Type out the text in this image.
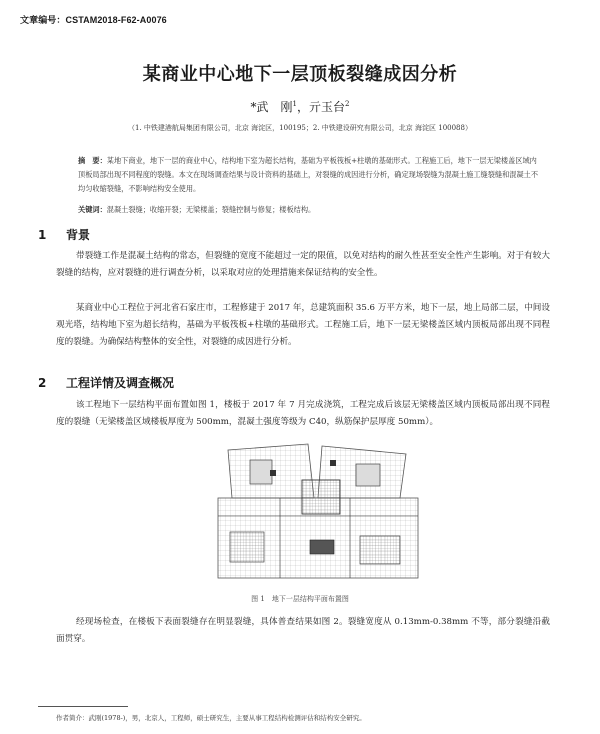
文章编号：CSTAM2018-F62-A0076
某商业中心地下一层顶板裂缝成因分析
*武　刚$^1$，亓玉台$^2$
（1. 中铁建港航局集团有限公司，北京 海淀区，100195；2. 中铁建设研究有限公司，北京 海淀区 100088）

摘　要：某地下商业，地下一层的商业中心，结构地下室为超长结构，基础为平板筏板+柱墩的基础形式。工程施工后，地下一层无梁楼盖区域内顶板局部出现不同程度的裂缝。本文在现场调查结果与设计资料的基础上，对裂缝的成因进行分析，确定现场裂缝为混凝土施工缝裂缝和混凝土不均匀收缩裂缝，不影响结构安全使用。

关键词：混凝土裂缝；收缩开裂；无梁楼盖；裂缝控制与修复；楼板结构。
1 背景

带裂缝工作是混凝土结构的常态，但裂缝的宽度不能超过一定的限值，以免对结构的耐久性甚至安全性产生影响。对于有较大裂缝的结构，应对裂缝的进行调查分析，以采取对应的处理措施来保证结构的安全性。

某商业中心工程位于河北省石家庄市，工程修建于 2017 年，总建筑面积 35.6 万平方米，地下一层，地上局部二层，中间设观光塔，结构地下室为超长结构，基础为平板筏板+柱墩的基础形式。工程施工后，地下一层无梁楼盖区域内顶板局部出现不同程度的裂缝。为确保结构整体的安全性，对裂缝的成因进行分析。

2 工程详情及调查概况

该工程地下一层结构平面布置如图 1，楼板于 2017 年 7 月完成浇筑，工程完成后该层无梁楼盖区域内顶板局部出现不同程度的裂缝（无梁楼盖区域楼板厚度为 500mm，混凝土强度等级为 C40，纵筋保护层厚度 50mm）。

图 1　地下一层结构平面布置图

经现场检查，在楼板下表面裂缝存在明显裂缝，具体普查结果如图 2。裂缝宽度从 0.13mm-0.38mm 不等，部分裂缝沿截面贯穿。

作者简介：武刚(1978-)，男，北京人，工程师，硕士研究生，主要从事工程结构检测评估和结构安全研究。
